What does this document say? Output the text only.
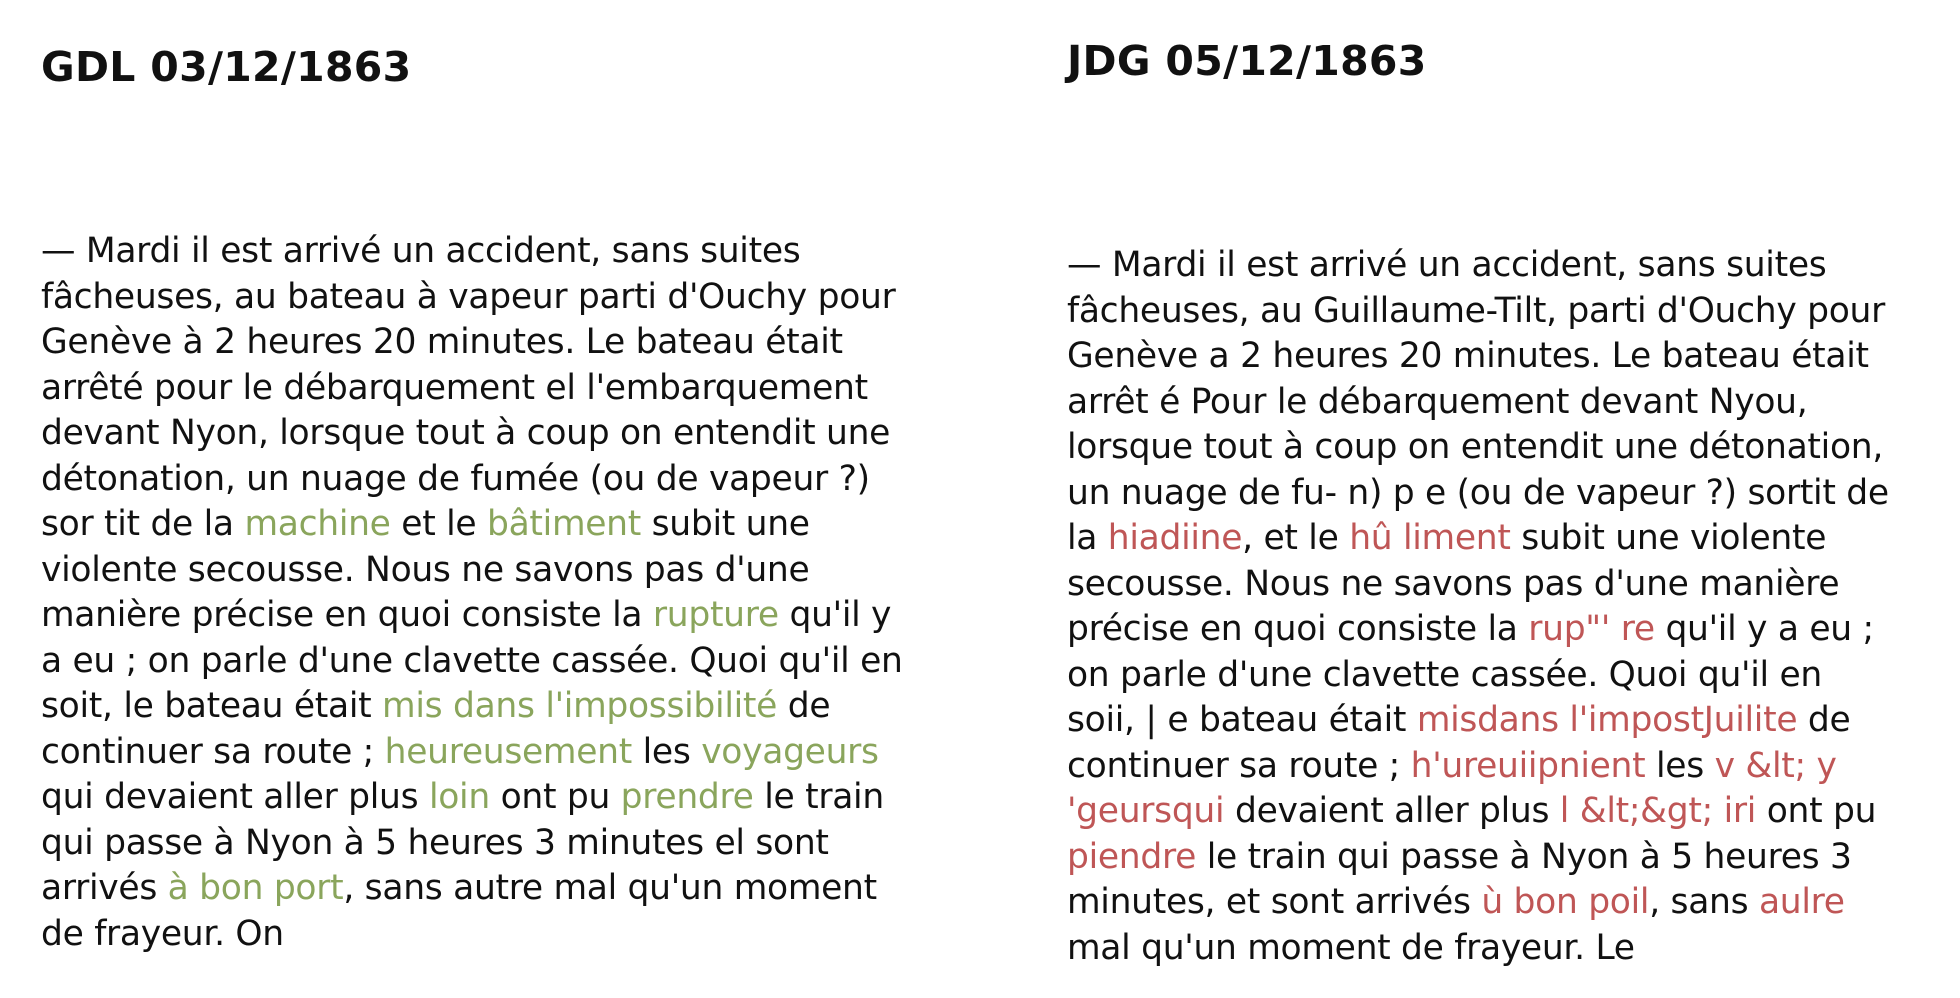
GDL 03/12/1863
— Mardi il est arrivé un accident, sans suites
fâcheuses, au bateau à vapeur parti d'Ouchy pour
Genève à 2 heures 20 minutes. Le bateau était
arrêté pour le débarquement el l'embarquement
devant Nyon, lorsque tout à coup on entendit une
détonation, un nuage de fumée (ou de vapeur ?)
sor tit de la machine et le bâtiment subit une
violente secousse. Nous ne savons pas d'une
manière précise en quoi consiste la rupture qu'il y
a eu ; on parle d'une clavette cassée. Quoi qu'il en
soit, le bateau était mis dans l'impossibilité de
continuer sa route ; heureusement les voyageurs
qui devaient aller plus loin ont pu prendre le train
qui passe à Nyon à 5 heures 3 minutes el sont
arrivés à bon port, sans autre mal qu'un moment
de frayeur. On
JDG 05/12/1863
— Mardi il est arrivé un accident, sans suites
fâcheuses, au Guillaume-Tilt, parti d'Ouchy pour
Genève a 2 heures 20 minutes. Le bateau était
arrêt é Pour le débarquement devant Nyou,
lorsque tout à coup on entendit une détonation,
un nuage de fu- n) p e (ou de vapeur ?) sortit de
la hiadiine, et le hû liment subit une violente
secousse. Nous ne savons pas d'une manière
précise en quoi consiste la rup"' re qu'il y a eu ;
on parle d'une clavette cassée. Quoi qu'il en
soii, | e bateau était misdans l'impostJuilite de
continuer sa route ; h'ureuiipnient les v &lt; y
'geursqui devaient aller plus l &lt;&gt; iri ont pu
piendre le train qui passe à Nyon à 5 heures 3
minutes, et sont arrivés ù bon poil, sans aulre
mal qu'un moment de frayeur. Le
